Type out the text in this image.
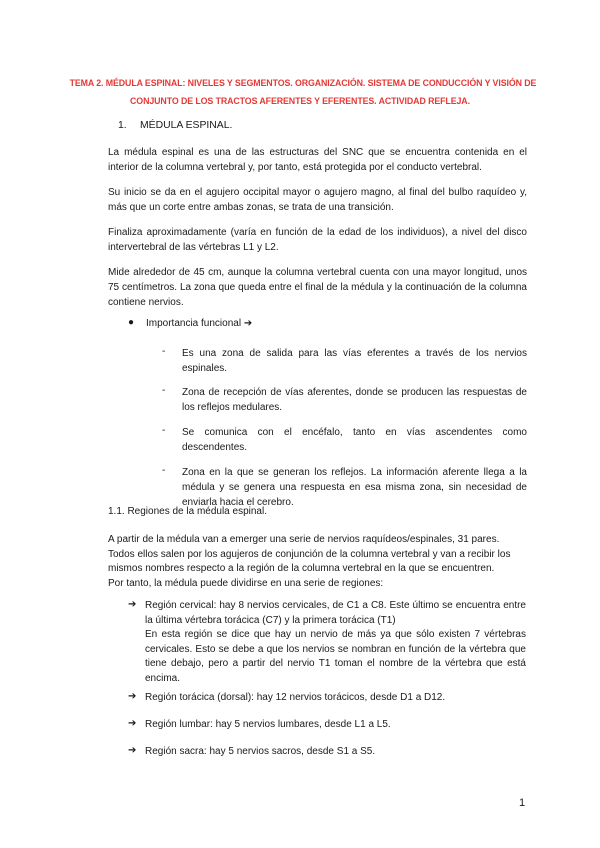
TEMA 2. MÉDULA ESPINAL: NIVELES Y SEGMENTOS. ORGANIZACIÓN. SISTEMA DE CONDUCCIÓN Y VISIÓN DE
CONJUNTO DE LOS TRACTOS AFERENTES Y EFERENTES. ACTIVIDAD REFLEJA.
1. MÉDULA ESPINAL.
La médula espinal es una de las estructuras del SNC que se encuentra contenida en el interior de la columna vertebral y, por tanto, está protegida por el conducto vertebral.
Su inicio se da en el agujero occipital mayor o agujero magno, al final del bulbo raquídeo y, más que un corte entre ambas zonas, se trata de una transición.
Finaliza aproximadamente (varía en función de la edad de los individuos), a nivel del disco intervertebral de las vértebras L1 y L2.
Mide alrededor de 45 cm, aunque la columna vertebral cuenta con una mayor longitud, unos 75 centímetros. La zona que queda entre el final de la médula y la continuación de la columna contiene nervios.
● Importancia funcional ➔
- Es una zona de salida para las vías eferentes a través de los nervios espinales.
- Zona de recepción de vías aferentes, donde se producen las respuestas de los reflejos medulares.
- Se comunica con el encéfalo, tanto en vías ascendentes como descendentes.
- Zona en la que se generan los reflejos. La información aferente llega a la médula y se genera una respuesta en esa misma zona, sin necesidad de enviarla hacia el cerebro.
1.1. Regiones de la médula espinal.
A partir de la médula van a emerger una serie de nervios raquídeos/espinales, 31 pares.
Todos ellos salen por los agujeros de conjunción de la columna vertebral y van a recibir los
mismos nombres respecto a la región de la columna vertebral en la que se encuentren.
Por tanto, la médula puede dividirse en una serie de regiones:
➔ Región cervical: hay 8 nervios cervicales, de C1 a C8. Este último se encuentra entre la última vértebra torácica (C7) y la primera torácica (T1)
En esta región se dice que hay un nervio de más ya que sólo existen 7 vértebras cervicales. Esto se debe a que los nervios se nombran en función de la vértebra que tiene debajo, pero a partir del nervio T1 toman el nombre de la vértebra que está encima.
➔ Región torácica (dorsal): hay 12 nervios torácicos, desde D1 a D12.
➔ Región lumbar: hay 5 nervios lumbares, desde L1 a L5.
➔ Región sacra: hay 5 nervios sacros, desde S1 a S5.
1
